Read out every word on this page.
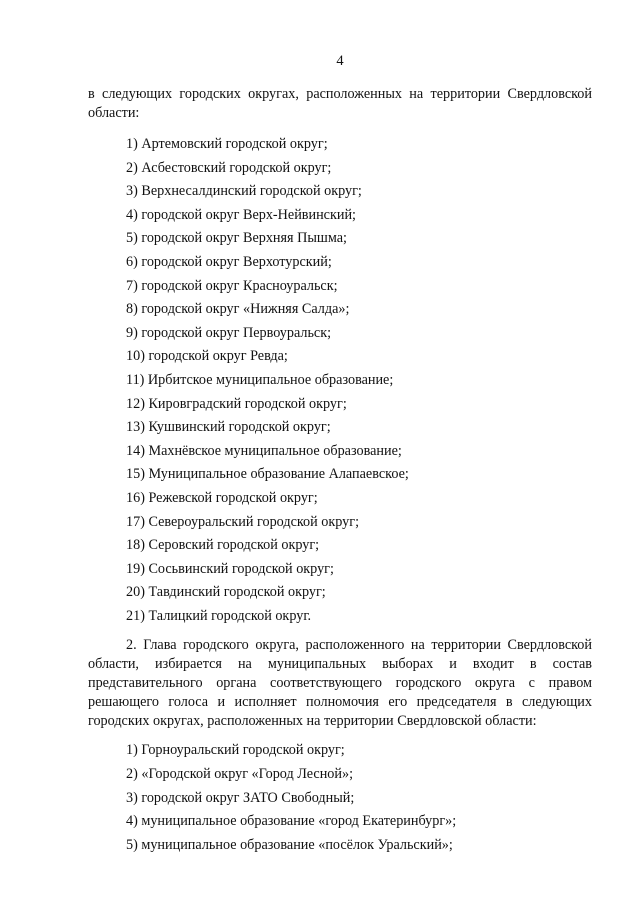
4

в следующих городских округах, расположенных на территории Свердловской области:

1) Артемовский городской округ;
2) Асбестовский городской округ;
3) Верхнесалдинский городской округ;
4) городской округ Верх-Нейвинский;
5) городской округ Верхняя Пышма;
6) городской округ Верхотурский;
7) городской округ Красноуральск;
8) городской округ «Нижняя Салда»;
9) городской округ Первоуральск;
10) городской округ Ревда;
11) Ирбитское муниципальное образование;
12) Кировградский городской округ;
13) Кушвинский городской округ;
14) Махнёвское муниципальное образование;
15) Муниципальное образование Алапаевское;
16) Режевской городской округ;
17) Североуральский городской округ;
18) Серовский городской округ;
19) Сосьвинский городской округ;
20) Тавдинский городской округ;
21) Талицкий городской округ.

2. Глава городского округа, расположенного на территории Свердловской области, избирается на муниципальных выборах и входит в состав представительного органа соответствующего городского округа с правом решающего голоса и исполняет полномочия его председателя в следующих городских округах, расположенных на территории Свердловской области:

1) Горноуральский городской округ;
2) «Городской округ «Город Лесной»;
3) городской округ ЗАТО Свободный;
4) муниципальное образование «город Екатеринбург»;
5) муниципальное образование «посёлок Уральский»;
